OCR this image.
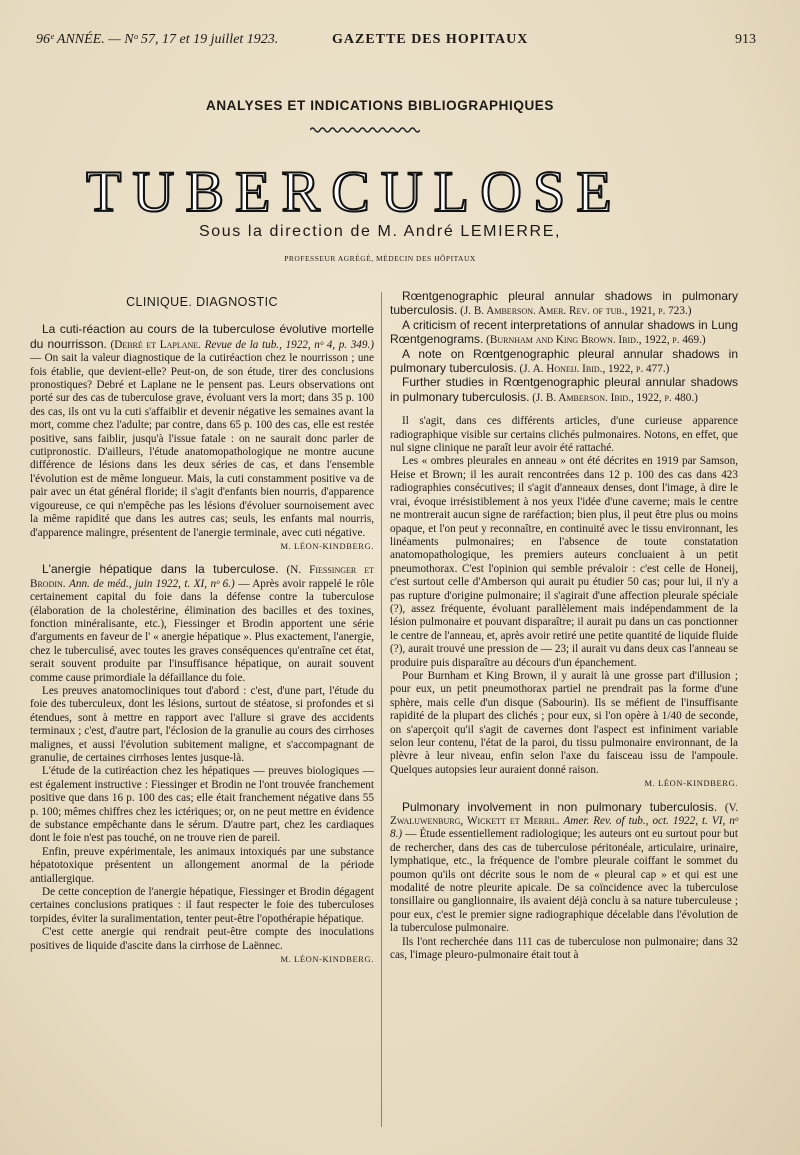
96ᵉ ANNÉE. — Nᵒ 57, 17 et 19 juillet 1923.	GAZETTE DES HOPITAUX	913
ANALYSES ET INDICATIONS BIBLIOGRAPHIQUES
TUBERCULOSE
Sous la direction de M. André LEMIERRE,
PROFESSEUR AGRÉGÉ, MÉDECIN DES HÔPITAUX
CLINIQUE. DIAGNOSTIC

La cuti-réaction au cours de la tuberculose évolutive mortelle du nourrisson. (Debré et Laplane. Revue de la tub., 1922, nᵒ 4, p. 349.) — On sait la valeur diagnostique de la cutiréaction chez le nourrisson ; une fois établie, que devient-elle? Peut-on, de son étude, tirer des conclusions pronostiques? Debré et Laplane ne le pensent pas. Leurs observations ont porté sur des cas de tuberculose grave, évoluant vers la mort; dans 35 p. 100 des cas, ils ont vu la cuti s'affaiblir et devenir négative les semaines avant la mort, comme chez l'adulte; par contre, dans 65 p. 100 des cas, elle est restée positive, sans faiblir, jusqu'à l'issue fatale : on ne saurait donc parler de cutipronostic. D'ailleurs, l'étude anatomopathologique ne montre aucune différence de lésions dans les deux séries de cas, et dans l'ensemble l'évolution est de même longueur. Mais, la cuti constamment positive va de pair avec un état général floride; il s'agit d'enfants bien nourris, d'apparence vigoureuse, ce qui n'empêche pas les lésions d'évoluer sournoisement avec la même rapidité que dans les autres cas; seuls, les enfants mal nourris, d'apparence malingre, présentent de l'anergie terminale, avec cuti négative.

M. LÉON-KINDBERG.

L'anergie hépatique dans la tuberculose. (N. Fiessinger et Brodin. Ann. de méd., juin 1922, t. XI, nᵒ 6.) — Après avoir rappelé le rôle certainement capital du foie dans la défense contre la tuberculose (élaboration de la cholestérine, élimination des bacilles et des toxines, fonction minéralisante, etc.), Fiessinger et Brodin apportent une série d'arguments en faveur de l' « anergie hépatique ». Plus exactement, l'anergie, chez le tuberculisé, avec toutes les graves conséquences qu'entraîne cet état, serait souvent produite par l'insuffisance hépatique, on aurait souvent comme cause primordiale la défaillance du foie.

Les preuves anatomocliniques tout d'abord : c'est, d'une part, l'étude du foie des tuberculeux, dont les lésions, surtout de stéatose, si profondes et si étendues, sont à mettre en rapport avec l'allure si grave des accidents terminaux ; c'est, d'autre part, l'éclosion de la granulie au cours des cirrhoses malignes, et aussi l'évolution subitement maligne, et s'accompagnant de granulie, de certaines cirrhoses lentes jusque-là.

L'étude de la cutiréaction chez les hépatiques — preuves biologiques — est également instructive : Fiessinger et Brodin ne l'ont trouvée franchement positive que dans 16 p. 100 des cas; elle était franchement négative dans 55 p. 100; mêmes chiffres chez les ictériques; or, on ne peut mettre en évidence de substance empêchante dans le sérum. D'autre part, chez les cardiaques dont le foie n'est pas touché, on ne trouve rien de pareil.

Enfin, preuve expérimentale, les animaux intoxiqués par une substance hépatotoxique présentent un allongement anormal de la période antiallergique.

De cette conception de l'anergie hépatique, Fiessinger et Brodin dégagent certaines conclusions pratiques : il faut respecter le foie des tuberculoses torpides, éviter la suralimentation, tenter peut-être l'opothérapie hépatique.

C'est cette anergie qui rendrait peut-être compte des inoculations positives de liquide d'ascite dans la cirrhose de Laënnec.

M. LÉON-KINDBERG.

Rœntgenographic pleural annular shadows in pulmonary tuberculosis. (J. B. Amberson. Amer. Rev. of tub., 1921, p. 723.)

A criticism of recent interpretations of annular shadows in Lung Rœntgenograms. (Burnham and King Brown. Ibid., 1922, p. 469.)

A note on Rœntgenographic pleural annular shadows in pulmonary tuberculosis. (J. A. Honeij. Ibid., 1922, p. 477.)

Further studies in Rœntgenographic pleural annular shadows in pulmonary tuberculosis. (J. B. Amberson. Ibid., 1922, p. 480.)

Il s'agit, dans ces différents articles, d'une curieuse apparence radiographique visible sur certains clichés pulmonaires. Notons, en effet, que nul signe clinique ne paraît leur avoir été rattaché.

Les « ombres pleurales en anneau » ont été décrites en 1919 par Samson, Heise et Brown; il les aurait rencontrées dans 12 p. 100 des cas dans 423 radiographies consécutives; il s'agit d'anneaux denses, dont l'image, à dire le vrai, évoque irrésistiblement à nos yeux l'idée d'une caverne; mais le centre ne montrerait aucun signe de raréfaction; bien plus, il peut être plus ou moins opaque, et l'on peut y reconnaître, en continuité avec le tissu environnant, les linéaments pulmonaires; en l'absence de toute constatation anatomopathologique, les premiers auteurs concluaient à un petit pneumothorax. C'est l'opinion qui semble prévaloir : c'est celle de Honeij, c'est surtout celle d'Amberson qui aurait pu étudier 50 cas; pour lui, il n'y a pas rupture d'origine pulmonaire; il s'agirait d'une affection pleurale spéciale (?), assez fréquente, évoluant parallèlement mais indépendamment de la lésion pulmonaire et pouvant disparaître; il aurait pu dans un cas ponctionner le centre de l'anneau, et, après avoir retiré une petite quantité de liquide fluide (?), aurait trouvé une pression de — 23; il aurait vu dans deux cas l'anneau se produire puis disparaître au décours d'un épanchement.

Pour Burnham et King Brown, il y aurait là une grosse part d'illusion ; pour eux, un petit pneumothorax partiel ne prendrait pas la forme d'une sphère, mais celle d'un disque (Sabourin). Ils se méfient de l'insuffisante rapidité de la plupart des clichés ; pour eux, si l'on opère à 1/40 de seconde, on s'aperçoit qu'il s'agit de cavernes dont l'aspect est infiniment variable selon leur contenu, l'état de la paroi, du tissu pulmonaire environnant, de la plèvre à leur niveau, enfin selon l'axe du faisceau issu de l'ampoule. Quelques autopsies leur auraient donné raison.

M. LÉON-KINDBERG.

Pulmonary involvement in non pulmonary tuberculosis. (V. Zwaluwenburg, Wickett et Merril. Amer. Rev. of tub., oct. 1922, t. VI, nᵒ 8.) — Étude essentiellement radiologique; les auteurs ont eu surtout pour but de rechercher, dans des cas de tuberculose péritonéale, articulaire, urinaire, lymphatique, etc., la fréquence de l'ombre pleurale coiffant le sommet du poumon qu'ils ont décrite sous le nom de « pleural cap » et qui est une modalité de notre pleurite apicale. De sa coïncidence avec la tuberculose tonsillaire ou ganglionnaire, ils avaient déjà conclu à sa nature tuberculeuse ; pour eux, c'est le premier signe radiographique décelable dans l'évolution de la tuberculose pulmonaire.

Ils l'ont recherchée dans 111 cas de tuberculose non pulmonaire; dans 32 cas, l'image pleuro-pulmonaire était tout à
